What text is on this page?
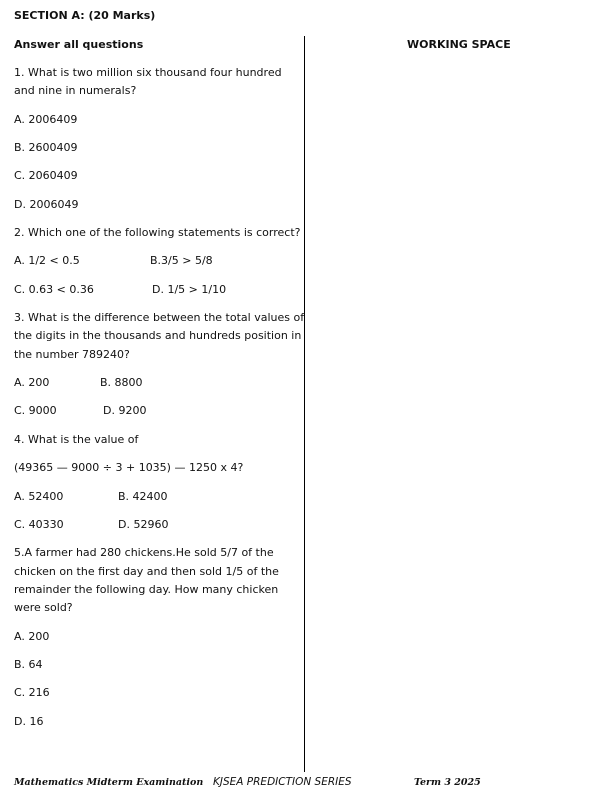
SECTION A: (20 Marks)
Answer all questions	WORKING SPACE
1. What is two million six thousand four hundred
and nine in numerals?
A. 2006409
B. 2600409
C. 2060409
D. 2006049
2. Which one of the following statements is correct?
A. 1/2 < 0.5	B.3/5 > 5/8
C. 0.63 < 0.36	D. 1/5 > 1/10
3. What is the difference between the total values of
the digits in the thousands and hundreds position in
the number 789240?
A. 200	B. 8800
C. 9000	D. 9200
4. What is the value of
(49365 — 9000 ÷ 3 + 1035) — 1250 x 4?
A. 52400	B. 42400
C. 40330	D. 52960
5.A farmer had 280 chickens.He sold 5/7 of the
chicken on the first day and then sold 1/5 of the
remainder the following day. How many chicken
were sold?
A. 200
B. 64
C. 216
D. 16
Mathematics Midterm Examination KJSEA PREDICTION SERIES	Term 3 2025
